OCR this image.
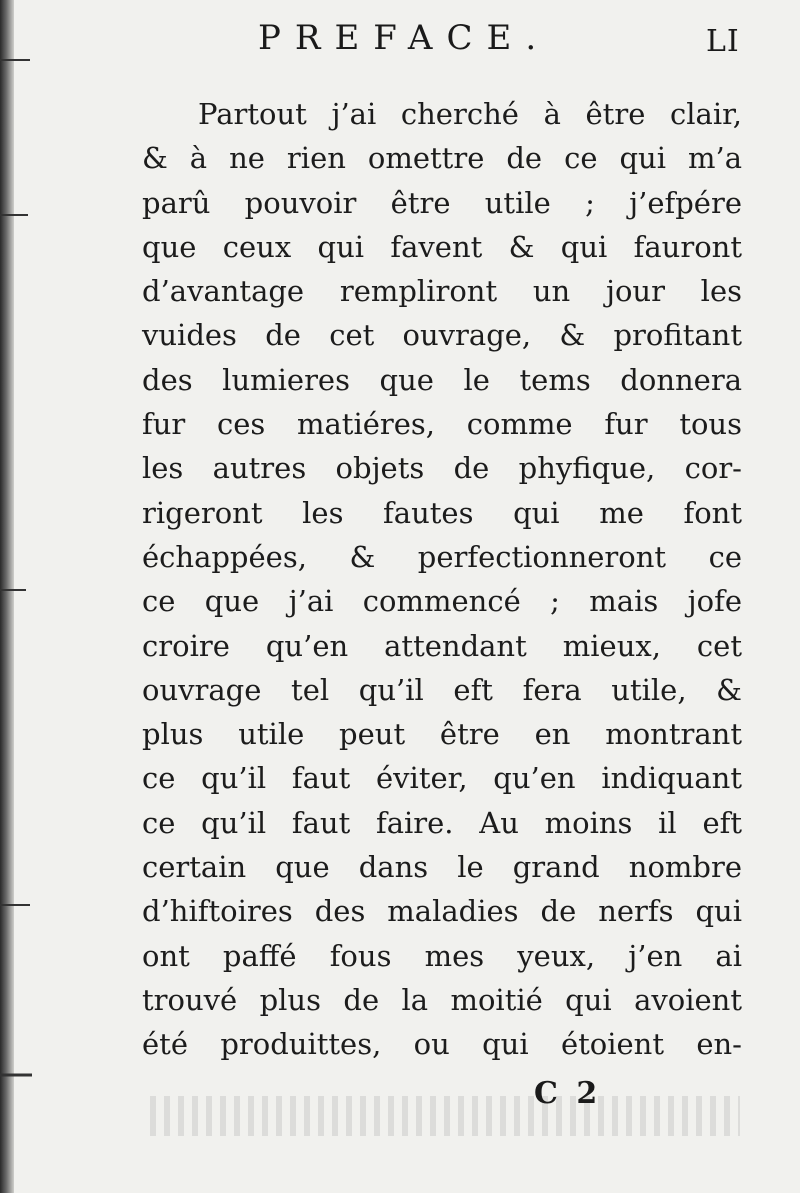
PREFACE.	LI
Partout j’ai cherché à être clair,
& à ne rien omettre de ce qui m’a
parû pouvoir être utile ; j’efpére
que ceux qui favent & qui fauront
d’avantage rempliront un jour les
vuides de cet ouvrage, & profitant
des lumieres que le tems donnera
fur ces matiéres, comme fur tous
les autres objets de phyfique, cor-
rigeront les fautes qui me font
échappées, & perfectionneront ce
ce que j’ai commencé ; mais jofe
croire qu’en attendant mieux, cet
ouvrage tel qu’il eft fera utile, &
plus utile peut être en montrant
ce qu’il faut éviter, qu’en indiquant
ce qu’il faut faire. Au moins il eft
certain que dans le grand nombre
d’hiftoires des maladies de nerfs qui
ont paffé fous mes yeux, j’en ai
trouvé plus de la moitié qui avoient
été produittes, ou qui étoient en-
C 2
